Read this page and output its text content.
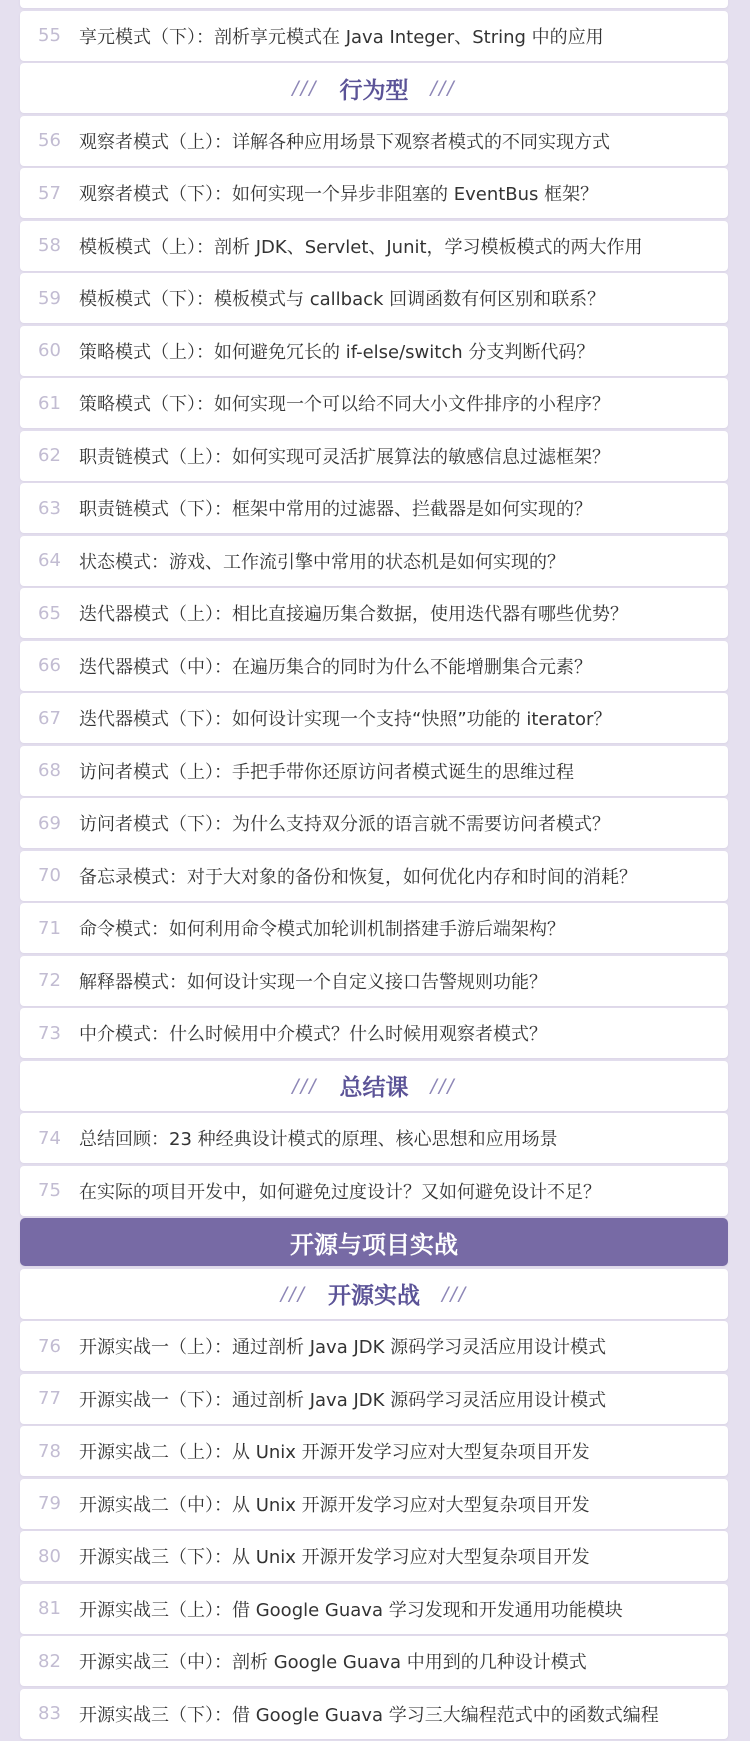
55	享元模式（下）：剖析享元模式在 Java Integer、String 中的应用
/// 行为型 ///
56	观察者模式（上）：详解各种应用场景下观察者模式的不同实现方式
57	观察者模式（下）：如何实现一个异步非阻塞的 EventBus 框架？
58	模板模式（上）：剖析 JDK、Servlet、Junit，学习模板模式的两大作用
59	模板模式（下）：模板模式与 callback 回调函数有何区别和联系？
60	策略模式（上）：如何避免冗长的 if-else/switch 分支判断代码？
61	策略模式（下）：如何实现一个可以给不同大小文件排序的小程序？
62	职责链模式（上）：如何实现可灵活扩展算法的敏感信息过滤框架？
63	职责链模式（下）：框架中常用的过滤器、拦截器是如何实现的？
64	状态模式：游戏、工作流引擎中常用的状态机是如何实现的？
65	迭代器模式（上）：相比直接遍历集合数据，使用迭代器有哪些优势？
66	迭代器模式（中）：在遍历集合的同时为什么不能增删集合元素？
67	迭代器模式（下）：如何设计实现一个支持“快照”功能的 iterator？
68	访问者模式（上）：手把手带你还原访问者模式诞生的思维过程
69	访问者模式（下）：为什么支持双分派的语言就不需要访问者模式？
70	备忘录模式：对于大对象的备份和恢复，如何优化内存和时间的消耗？
71	命令模式：如何利用命令模式加轮训机制搭建手游后端架构？
72	解释器模式：如何设计实现一个自定义接口告警规则功能？
73	中介模式：什么时候用中介模式？什么时候用观察者模式？
/// 总结课 ///
74	总结回顾：23 种经典设计模式的原理、核心思想和应用场景
75	在实际的项目开发中，如何避免过度设计？又如何避免设计不足？
开源与项目实战
/// 开源实战 ///
76	开源实战一（上）：通过剖析 Java JDK 源码学习灵活应用设计模式
77	开源实战一（下）：通过剖析 Java JDK 源码学习灵活应用设计模式
78	开源实战二（上）：从 Unix 开源开发学习应对大型复杂项目开发
79	开源实战二（中）：从 Unix 开源开发学习应对大型复杂项目开发
80	开源实战三（下）：从 Unix 开源开发学习应对大型复杂项目开发
81	开源实战三（上）：借 Google Guava 学习发现和开发通用功能模块
82	开源实战三（中）：剖析 Google Guava 中用到的几种设计模式
83	开源实战三（下）：借 Google Guava 学习三大编程范式中的函数式编程
